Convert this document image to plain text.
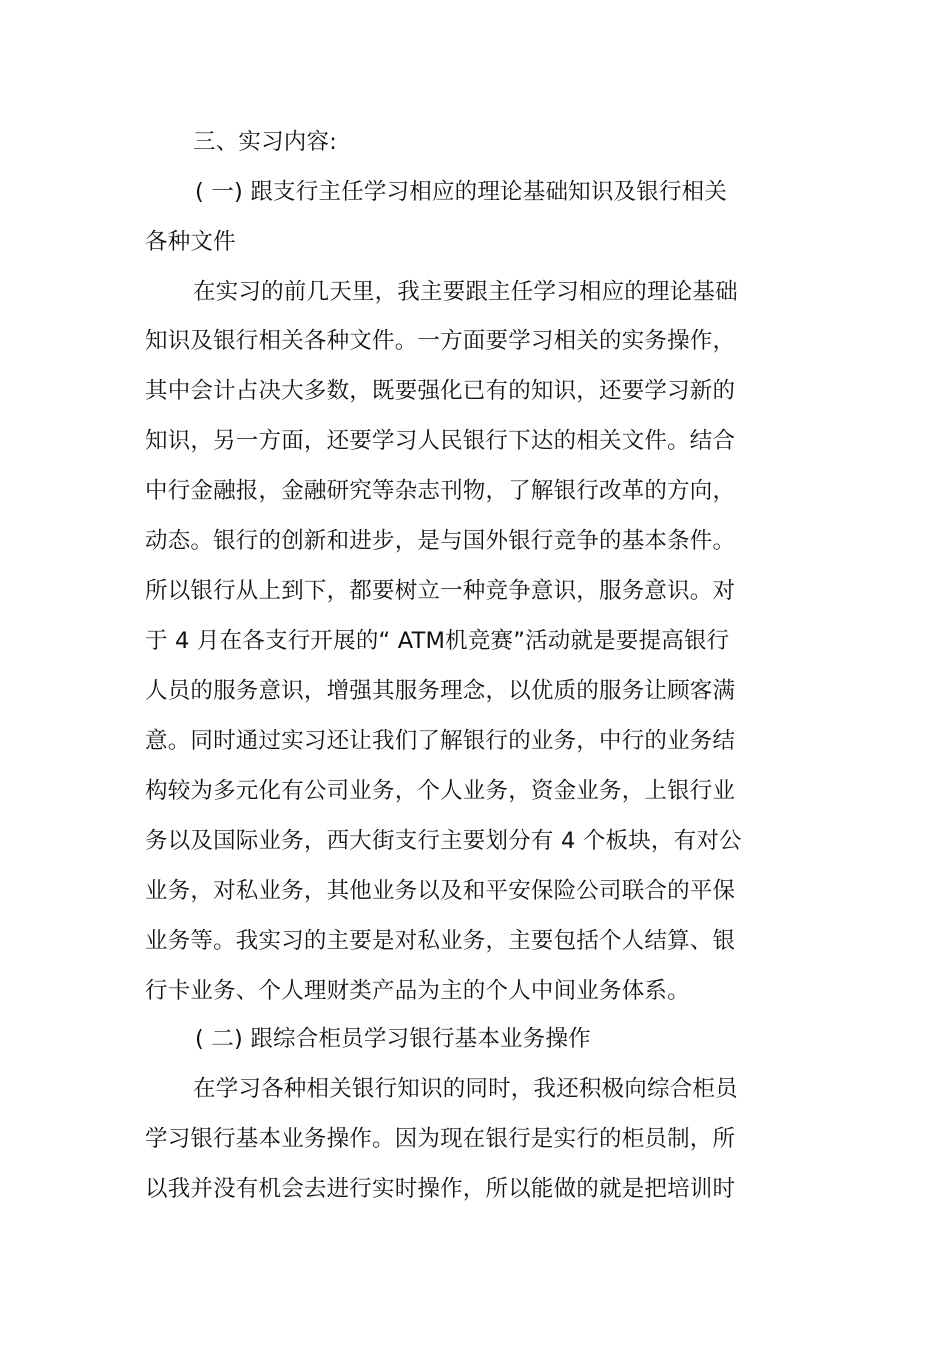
三、实习内容:
( 一) 跟支行主任学习相应的理论基础知识及银行相关
各种文件
在实习的前几天里，我主要跟主任学习相应的理论基础
知识及银行相关各种文件。一方面要学习相关的实务操作，
其中会计占决大多数，既要强化已有的知识，还要学习新的
知识，另一方面，还要学习人民银行下达的相关文件。结合
中行金融报，金融研究等杂志刊物，了解银行改革的方向，
动态。银行的创新和进步，是与国外银行竞争的基本条件。
所以银行从上到下，都要树立一种竞争意识，服务意识。对
于 4 月在各支行开展的“ ATM机竞赛”活动就是要提高银行
人员的服务意识，增强其服务理念，以优质的服务让顾客满
意。同时通过实习还让我们了解银行的业务，中行的业务结
构较为多元化有公司业务，个人业务，资金业务，上银行业
务以及国际业务，西大街支行主要划分有 4 个板块，有对公
业务，对私业务，其他业务以及和平安保险公司联合的平保
业务等。我实习的主要是对私业务，主要包括个人结算、银
行卡业务、个人理财类产品为主的个人中间业务体系。
( 二) 跟综合柜员学习银行基本业务操作
在学习各种相关银行知识的同时，我还积极向综合柜员
学习银行基本业务操作。因为现在银行是实行的柜员制，所
以我并没有机会去进行实时操作，所以能做的就是把培训时
